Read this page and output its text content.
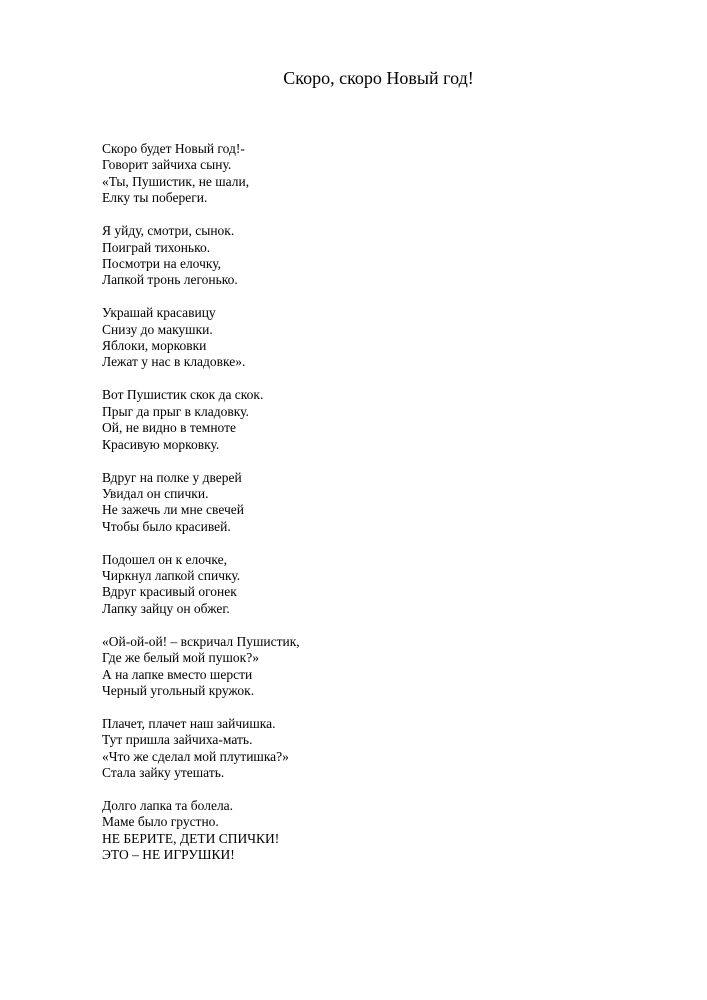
Скоро, скоро Новый год!
Скоро будет Новый год!-
Говорит зайчиха сыну.
«Ты, Пушистик, не шали,
Елку ты побереги.
Я уйду, смотри, сынок.
Поиграй тихонько.
Посмотри на елочку,
Лапкой тронь легонько.
Украшай красавицу
Снизу до макушки.
Яблоки, морковки
Лежат у нас в кладовке».
Вот Пушистик скок да скок.
Прыг да прыг в кладовку.
Ой, не видно в темноте
Красивую морковку.
Вдруг на полке у дверей
Увидал он спички.
Не зажечь ли мне свечей
Чтобы было красивей.
Подошел он к елочке,
Чиркнул лапкой спичку.
Вдруг красивый огонек
Лапку зайцу он обжег.
«Ой-ой-ой! – вскричал Пушистик,
Где же белый мой пушок?»
А на лапке вместо шерсти
Черный угольный кружок.
Плачет, плачет наш зайчишка.
Тут пришла зайчиха-мать.
«Что же сделал мой плутишка?»
Стала зайку утешать.
Долго лапка та болела.
Маме было грустно.
НЕ БЕРИТЕ, ДЕТИ СПИЧКИ!
ЭТО – НЕ ИГРУШКИ!
